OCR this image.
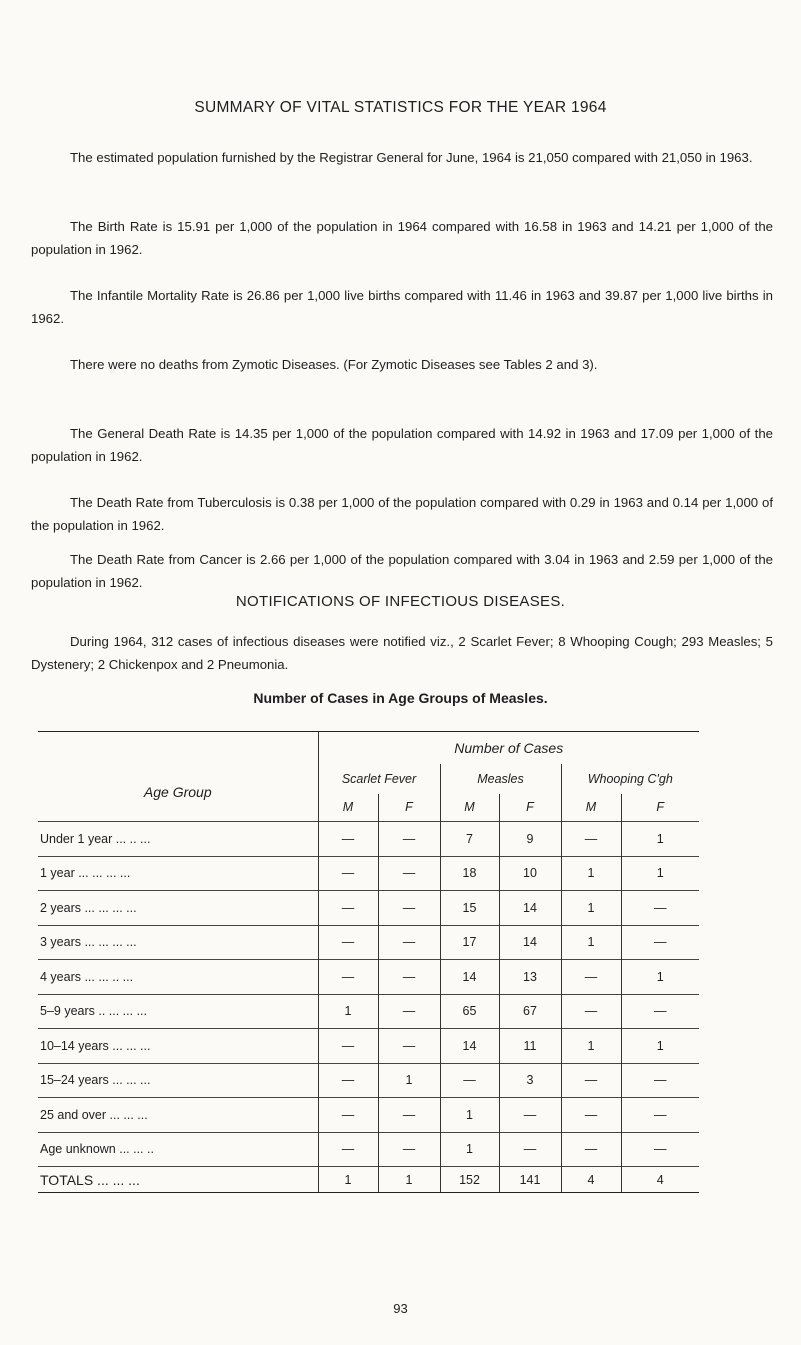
SUMMARY OF VITAL STATISTICS FOR THE YEAR 1964

The estimated population furnished by the Registrar General for June, 1964 is 21,050 compared with 21,050 in 1963.

The Birth Rate is 15.91 per 1,000 of the population in 1964 compared with 16.58 in 1963 and 14.21 per 1,000 of the population in 1962.

The Infantile Mortality Rate is 26.86 per 1,000 live births compared with 11.46 in 1963 and 39.87 per 1,000 live births in 1962.

There were no deaths from Zymotic Diseases. (For Zymotic Diseases see Tables 2 and 3).

The General Death Rate is 14.35 per 1,000 of the population compared with 14.92 in 1963 and 17.09 per 1,000 of the population in 1962.

The Death Rate from Tuberculosis is 0.38 per 1,000 of the population compared with 0.29 in 1963 and 0.14 per 1,000 of the population in 1962.

The Death Rate from Cancer is 2.66 per 1,000 of the population compared with 3.04 in 1963 and 2.59 per 1,000 of the population in 1962.

NOTIFICATIONS OF INFECTIOUS DISEASES.

During 1964, 312 cases of infectious diseases were notified viz., 2 Scarlet Fever; 8 Whooping Cough; 293 Measles; 5 Dystenery; 2 Chickenpox and 2 Pneumonia.

Number of Cases in Age Groups of Measles.
	Number of Cases					
Age Group	Scarlet Fever		Measles		Whooping C'gh	
	M	F	M	F	M	F
Under 1 year ... .. ...	—	—	7	9	—	1
1 year ... ... ... ...	—	—	18	10	1	1
2 years ... ... ... ...	—	—	15	14	1	—
3 years ... ... ... ...	—	—	17	14	1	—
4 years ... ... .. ...	—	—	14	13	—	1
5–9 years .. ... ... ...	1	—	65	67	—	—
10–14 years ... ... ...	—	—	14	11	1	1
15–24 years ... ... ...	—	1	—	3	—	—
25 and over ... ... ...	—	—	1	—	—	—
Age unknown ... ... ..	—	—	1	—	—	—
TOTALS ... ... ...	1	1	152	141	4	4
93
